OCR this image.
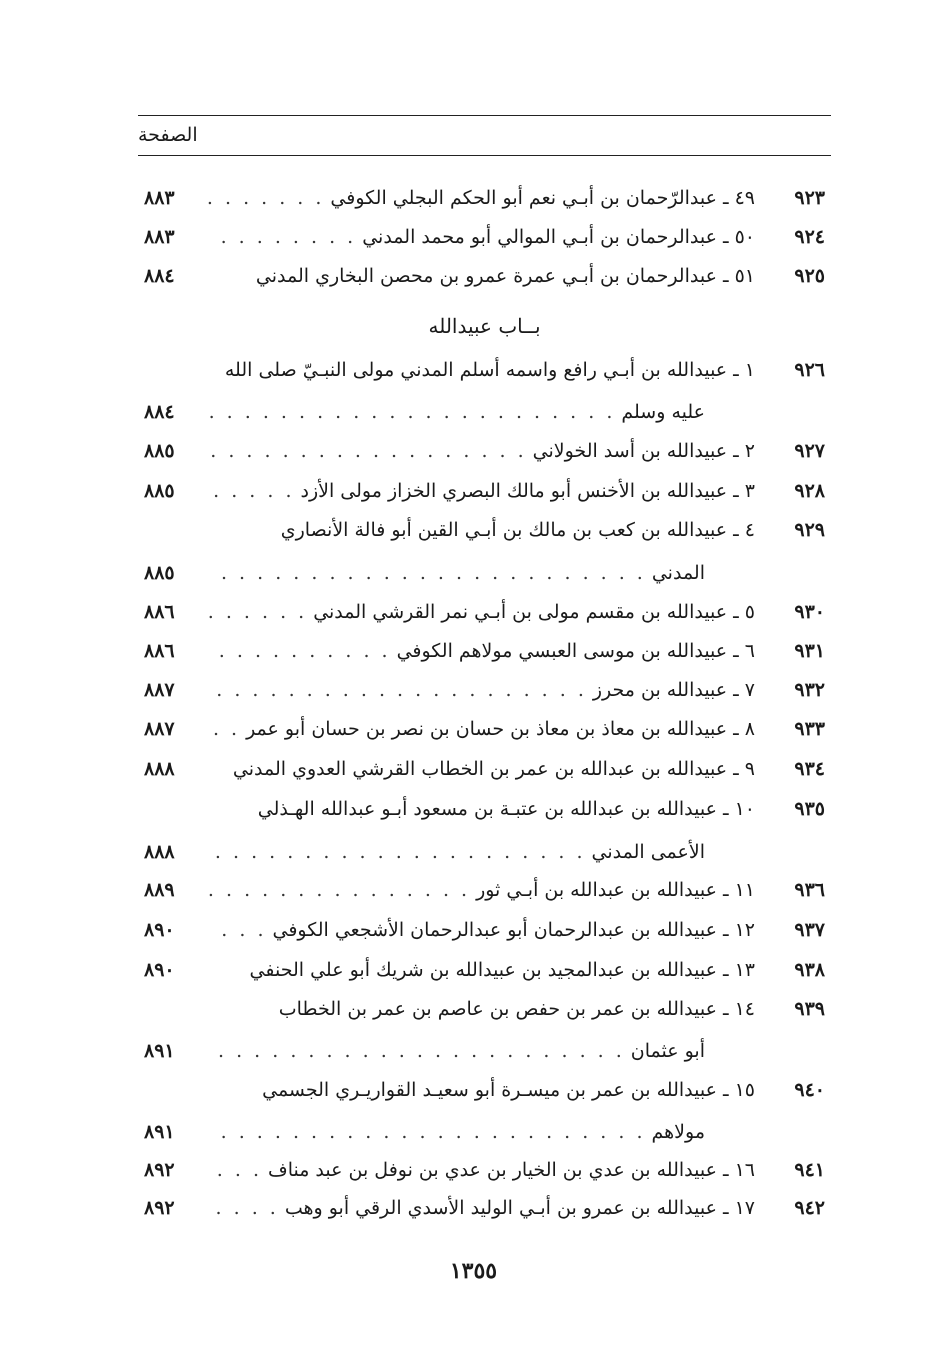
الصفحة
٩٢٣
٤٩ ـ عبدالرّحمان بن أبـي نعم أبو الحكم البجلي الكوفي
. . .
٨٨٣
٩٢٤
٥٠ ـ عبدالرحمان بن أبـي الموالي أبو محمد المدني
. . .
٨٨٣
٩٢٥
٥١ ـ عبدالرحمان بن أبـي عمرة عمرو بن محصن البخاري المدني
٨٨٤
بــاب عبيدالله
٩٢٦
١ ـ عبيدالله بن أبـي رافع واسمه أسلم المدني مولى النبـيّ صلى الله
عليه وسلم
. . .
٨٨٤
٩٢٧
٢ ـ عبيدالله بن أسد الخولاني
. . .
٨٨٥
٩٢٨
٣ ـ عبيدالله بن الأخنس أبو مالك البصري الخزاز مولى الأزد
. . .
٨٨٥
٩٢٩
٤ ـ عبيدالله بن كعب بن مالك بن أبـي القين أبو فالة الأنصاري
المدني
. . .
٨٨٥
٩٣٠
٥ ـ عبيدالله بن مقسم مولى بن أبـي نمر القرشي المدني
. . .
٨٨٦
٩٣١
٦ ـ عبيدالله بن موسى العبسي مولاهم الكوفي
. . .
٨٨٦
٩٣٢
٧ ـ عبيدالله بن محرز
. . .
٨٨٧
٩٣٣
٨ ـ عبيدالله بن معاذ بن معاذ بن حسان بن نصر بن حسان أبو عمر
. . .
٨٨٧
٩٣٤
٩ ـ عبيدالله بن عبدالله بن عمر بن الخطاب القرشي العدوي المدني
٨٨٨
٩٣٥
١٠ ـ عبيدالله بن عبدالله بن عتبـة بن مسعود أبـو عبدالله الهـذلي
الأعمى المدني
. . .
٨٨٨
٩٣٦
١١ ـ عبيدالله بن عبدالله بن أبـي ثور
. . .
٨٨٩
٩٣٧
١٢ ـ عبيدالله بن عبدالرحمان أبو عبدالرحمان الأشجعي الكوفي
. . .
٨٩٠
٩٣٨
١٣ ـ عبيدالله بن عبدالمجيد بن عبيدالله بن شريك أبو علي الحنفي
٨٩٠
٩٣٩
١٤ ـ عبيدالله بن عمر بن حفص بن عاصم بن عمر بن الخطاب
أبو عثمان
. . .
٨٩١
٩٤٠
١٥ ـ عبيدالله بن عمر بن ميسـرة أبو سعيـد القواريـري الجسمي
مولاهم
. . .
٨٩١
٩٤١
١٦ ـ عبيدالله بن عدي بن الخيار بن عدي بن نوفل بن عبد مناف
. . .
٨٩٢
٩٤٢
١٧ ـ عبيدالله بن عمرو بن أبـي الوليد الأسدي الرقي أبو وهب
. . .
٨٩٢
١٣٥٥
